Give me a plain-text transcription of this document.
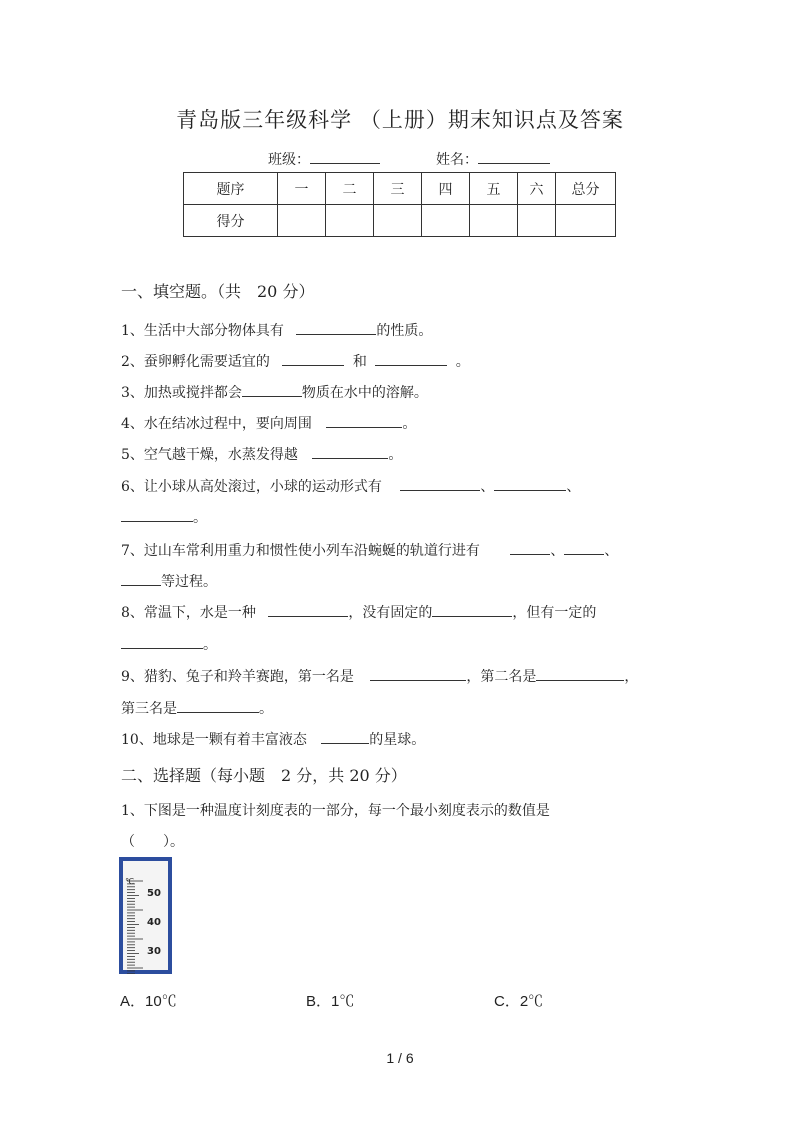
青岛版三年级科学 （上册）期末知识点及答案
班级：	姓名：
题序	一	二	三	四	五	六	总分
得分							
一、填空题。（共　20 分）
1、生活中大部分物体具有	的性质。
2、蚕卵孵化需要适宜的	和	。
3、加热或搅拌都会	物质在水中的溶解。
4、水在结冰过程中，要向周围	。
5、空气越干燥，水蒸发得越	。
6、让小球从高处滚过，小球的运动形式有	、	、
。
7、过山车常利用重力和惯性使小列车沿蜿蜒的轨道行进有	、	、
等过程。
8、常温下，水是一种	，没有固定的	，但有一定的
。
9、猎豹、兔子和羚羊赛跑，第一名是	，第二名是	，
第三名是	。
10、地球是一颗有着丰富液态	的星球。
二、选择题（每小题　2 分，共 20 分）
1、下图是一种温度计刻度表的一部分，每一个最小刻度表示的数值是
（　　）。
℃
50
40
30
A．10℃	B．1℃	C．2℃
1 / 6
